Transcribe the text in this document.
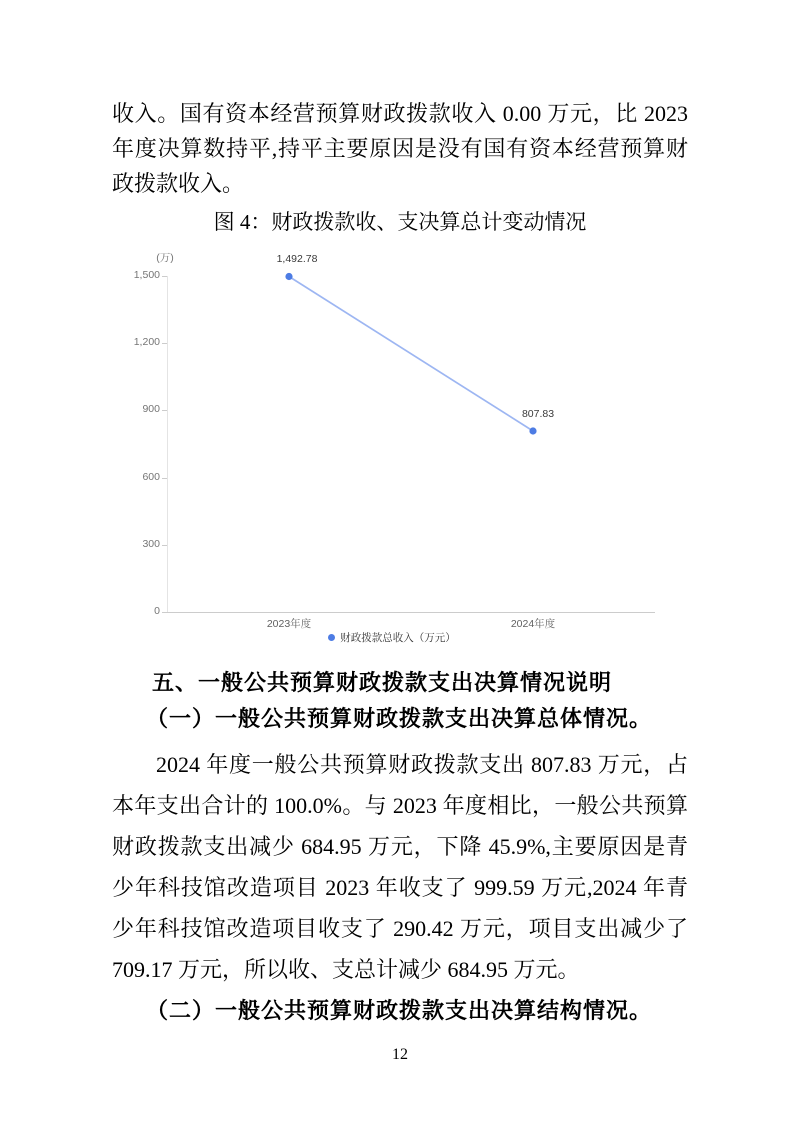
收入。国有资本经营预算财政拨款收入 0.00 万元，比 2023
年度决算数持平,持平主要原因是没有国有资本经营预算财
政拨款收入。
图 4：财政拨款收、支决算总计变动情况
(万)
1,500
1,200
900
600
300
0
1,492.78
807.83
2023年度	2024年度
财政拨款总收入（万元）
五、一般公共预算财政拨款支出决算情况说明
（一）一般公共预算财政拨款支出决算总体情况。
2024 年度一般公共预算财政拨款支出 807.83 万元，占
本年支出合计的 100.0%。与 2023 年度相比，一般公共预算
财政拨款支出减少 684.95 万元，下降 45.9%,主要原因是青
少年科技馆改造项目 2023 年收支了 999.59 万元,2024 年青
少年科技馆改造项目收支了 290.42 万元，项目支出减少了
709.17 万元，所以收、支总计减少 684.95 万元。
（二）一般公共预算财政拨款支出决算结构情况。
12
